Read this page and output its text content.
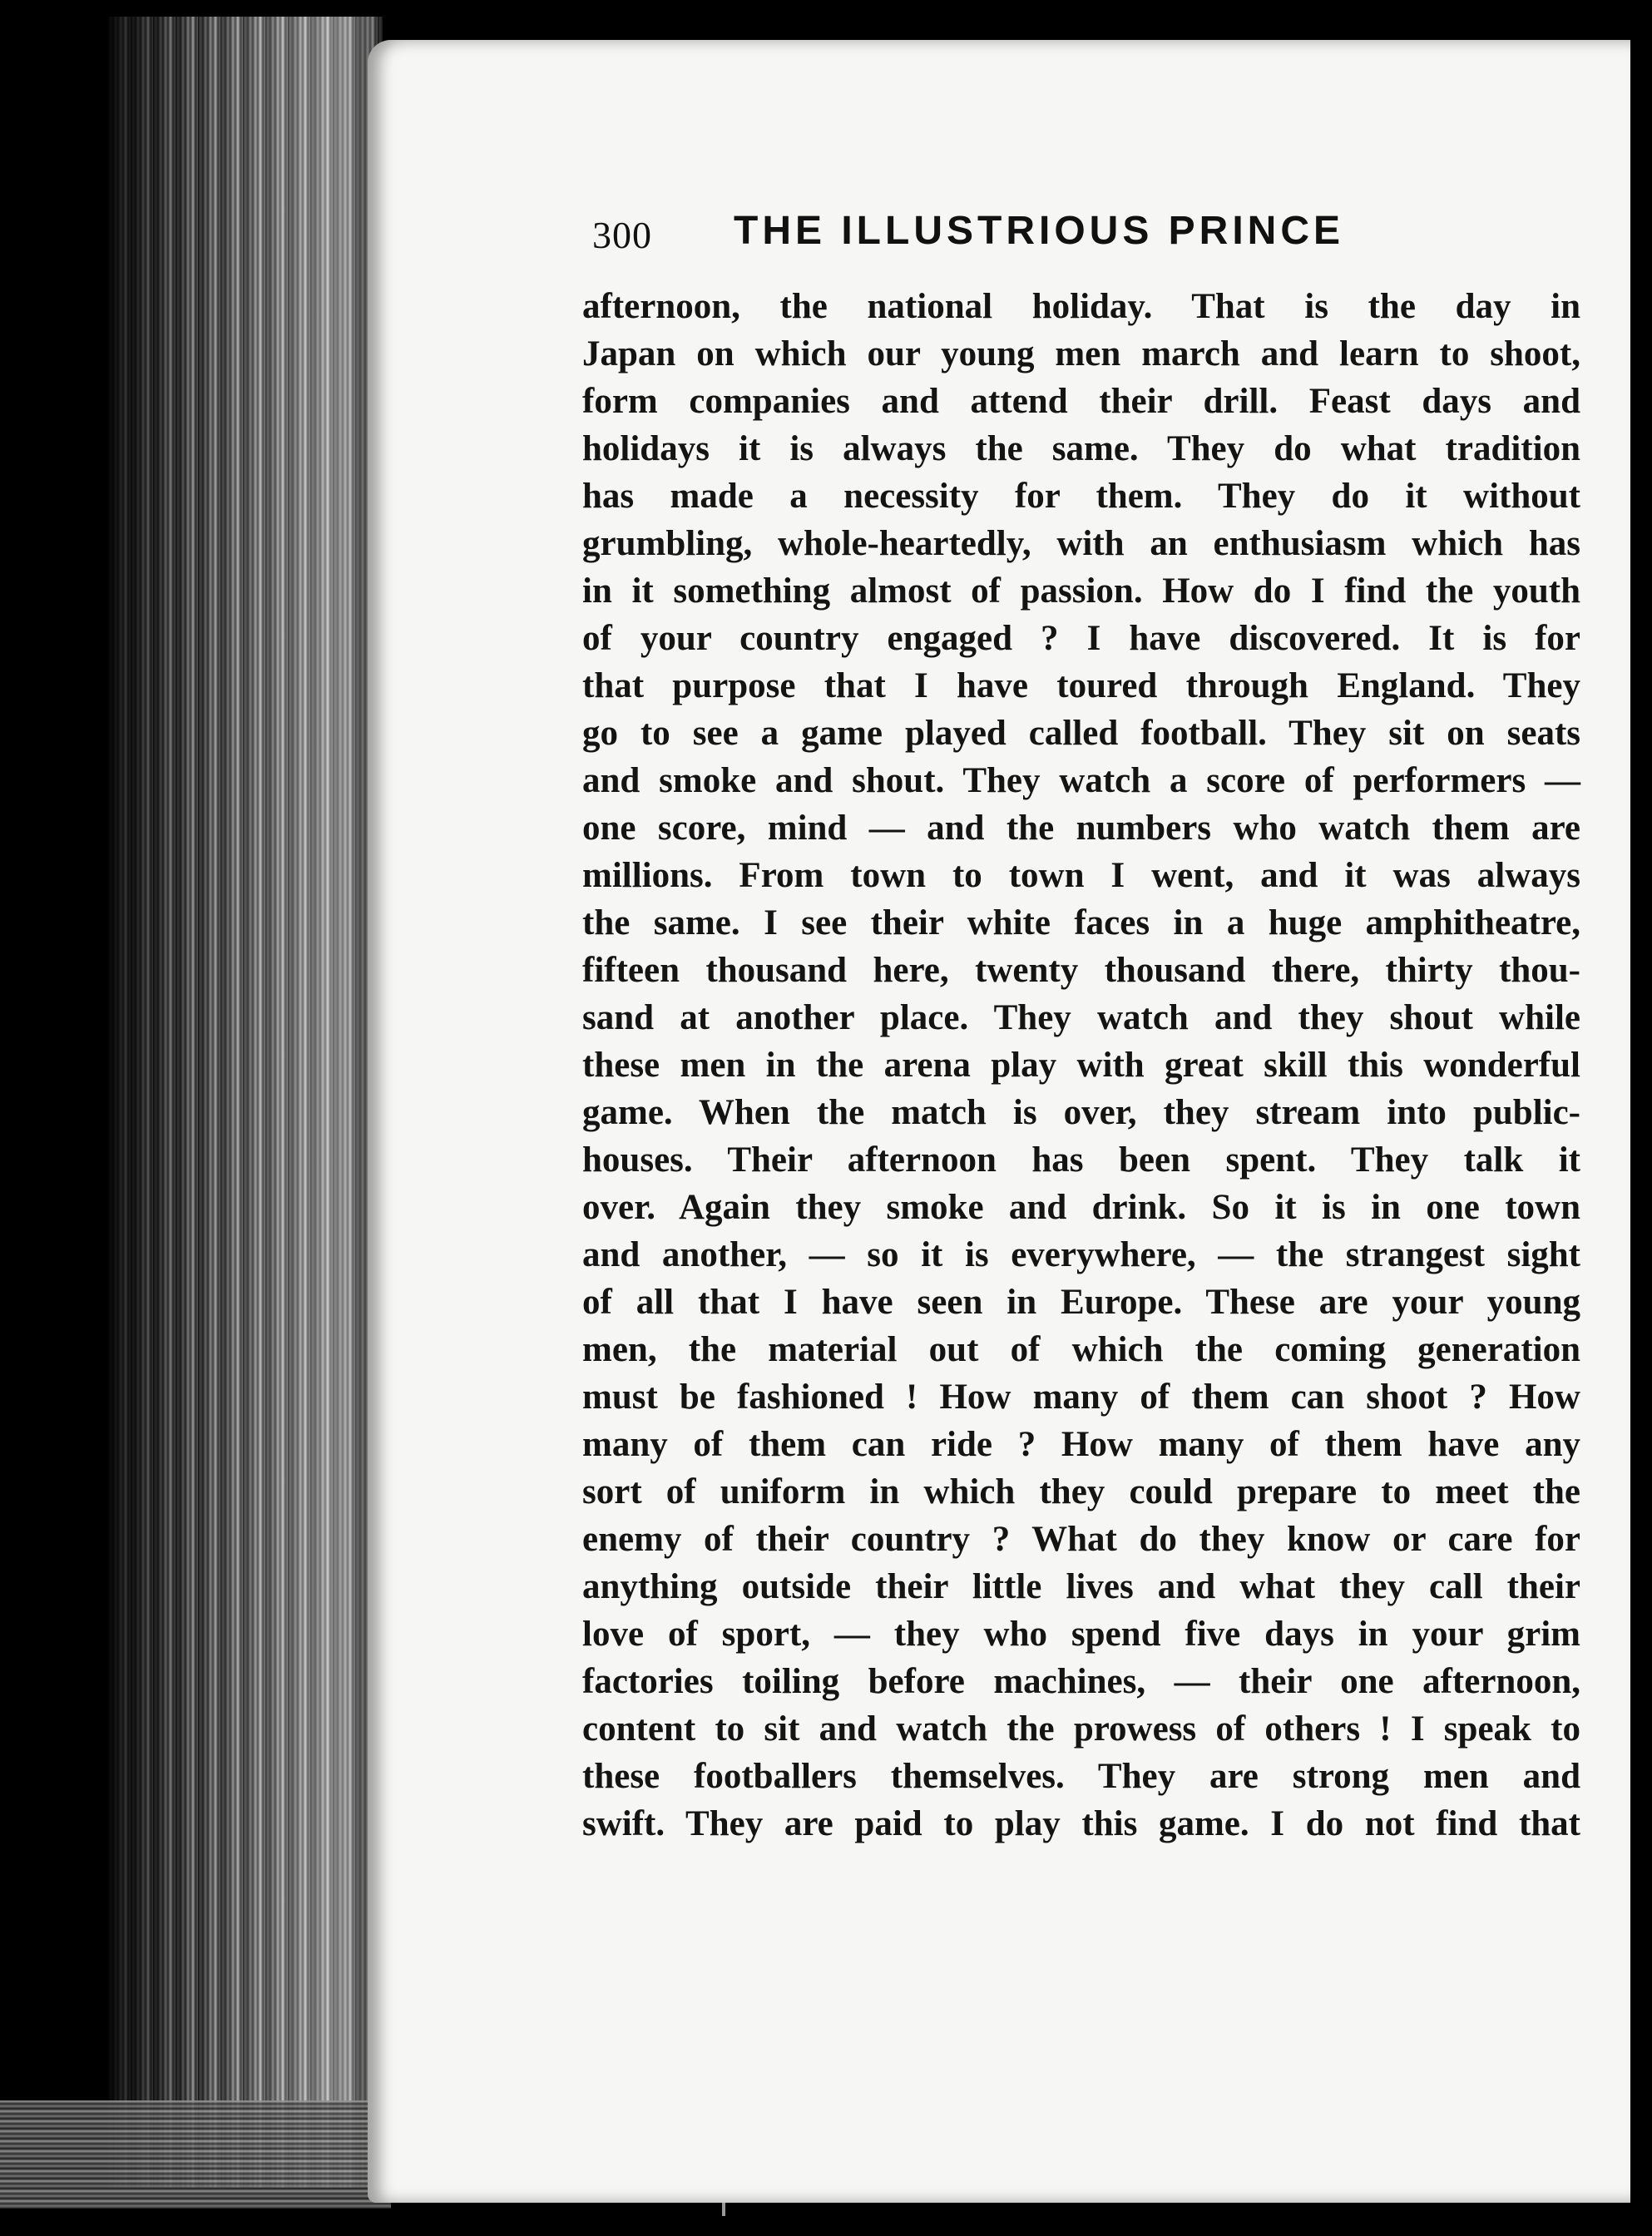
300 THE ILLUSTRIOUS PRINCE
afternoon, the national holiday. That is the day in
Japan on which our young men march and learn to shoot,
form companies and attend their drill. Feast days and
holidays it is always the same. They do what tradition
has made a necessity for them. They do it without
grumbling, whole-heartedly, with an enthusiasm which has
in it something almost of passion. How do I find the youth
of your country engaged ? I have discovered. It is for
that purpose that I have toured through England. They
go to see a game played called football. They sit on seats
and smoke and shout. They watch a score of performers —
one score, mind — and the numbers who watch them are
millions. From town to town I went, and it was always
the same. I see their white faces in a huge amphitheatre,
fifteen thousand here, twenty thousand there, thirty thou-
sand at another place. They watch and they shout while
these men in the arena play with great skill this wonderful
game. When the match is over, they stream into public-
houses. Their afternoon has been spent. They talk it
over. Again they smoke and drink. So it is in one town
and another, — so it is everywhere, — the strangest sight
of all that I have seen in Europe. These are your young
men, the material out of which the coming generation
must be fashioned ! How many of them can shoot ? How
many of them can ride ? How many of them have any
sort of uniform in which they could prepare to meet the
enemy of their country ? What do they know or care for
anything outside their little lives and what they call their
love of sport, — they who spend five days in your grim
factories toiling before machines, — their one afternoon,
content to sit and watch the prowess of others ! I speak to
these footballers themselves. They are strong men and
swift. They are paid to play this game. I do not find that
